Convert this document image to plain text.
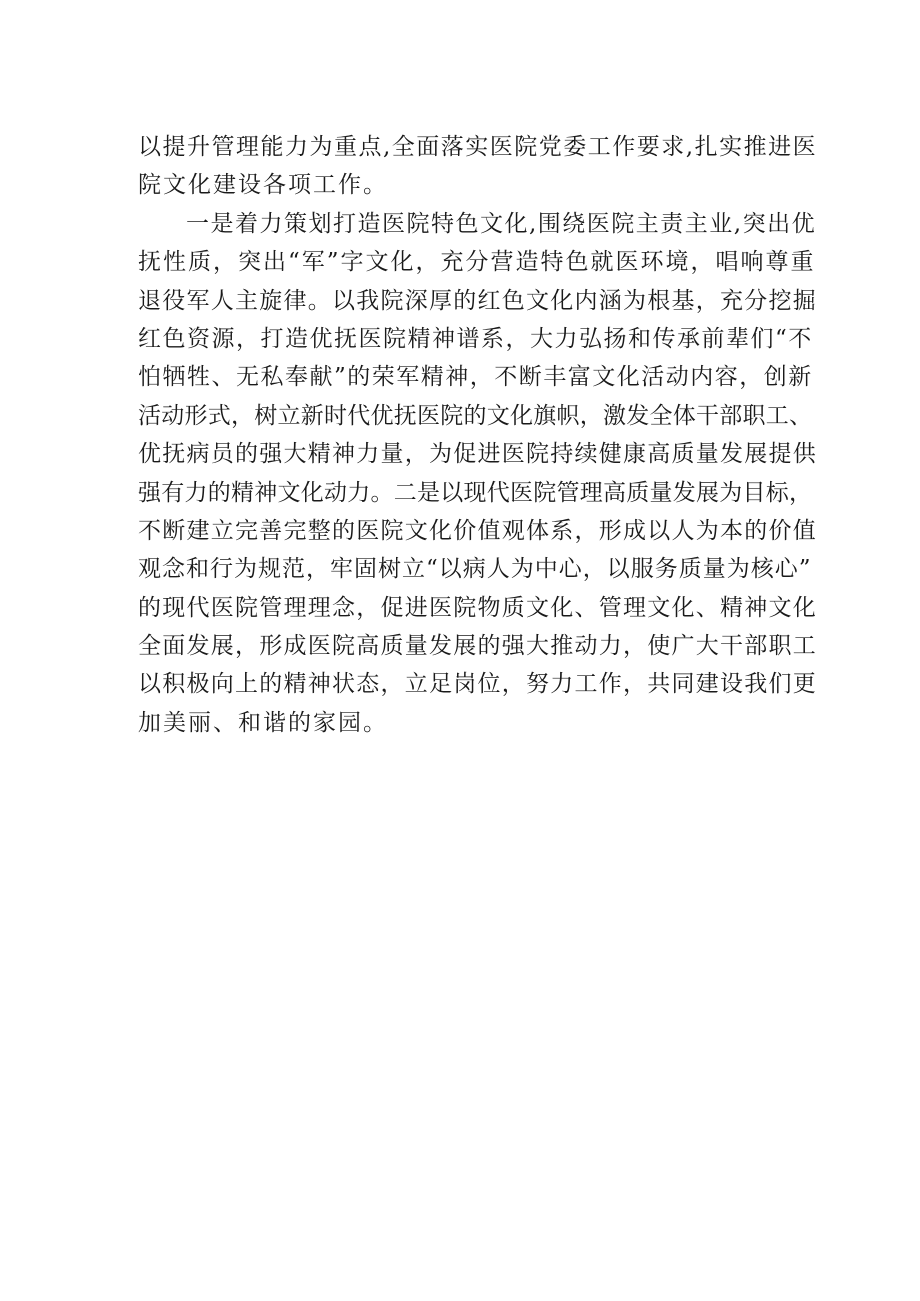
以提升管理能力为重点,全面落实医院党委工作要求,扎实推进医
院文化建设各项工作。
一是着力策划打造医院特色文化,围绕医院主责主业,突出优
抚性质，突出“军”字文化，充分营造特色就医环境，唱响尊重
退役军人主旋律。以我院深厚的红色文化内涵为根基，充分挖掘
红色资源，打造优抚医院精神谱系，大力弘扬和传承前辈们“不
怕牺牲、无私奉献”的荣军精神，不断丰富文化活动内容，创新
活动形式，树立新时代优抚医院的文化旗帜，激发全体干部职工、
优抚病员的强大精神力量，为促进医院持续健康高质量发展提供
强有力的精神文化动力。二是以现代医院管理高质量发展为目标，
不断建立完善完整的医院文化价值观体系，形成以人为本的价值
观念和行为规范，牢固树立“以病人为中心，以服务质量为核心”
的现代医院管理理念，促进医院物质文化、管理文化、精神文化
全面发展，形成医院高质量发展的强大推动力，使广大干部职工
以积极向上的精神状态，立足岗位，努力工作，共同建设我们更
加美丽、和谐的家园。
